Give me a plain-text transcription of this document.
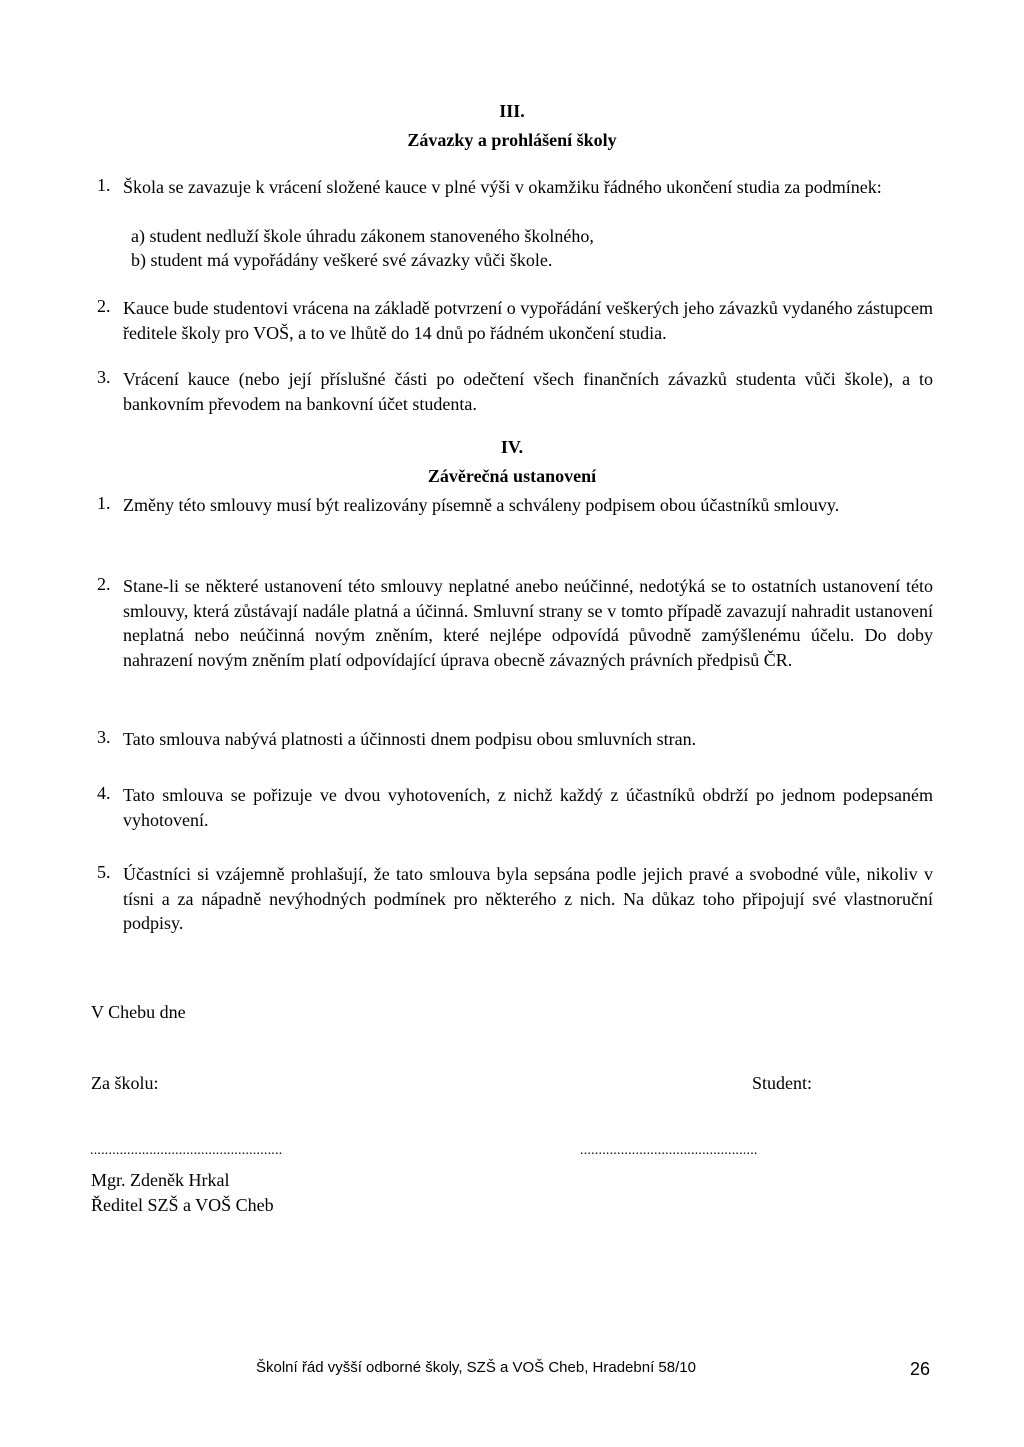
III.
Závazky a prohlášení školy
1. Škola se zavazuje k vrácení složené kauce v plné výši v okamžiku řádného ukončení studia za podmínek:
a) student nedluží škole úhradu zákonem stanoveného školného,
b) student má vypořádány veškeré své závazky vůči škole.
2. Kauce bude studentovi vrácena na základě potvrzení o vypořádání veškerých jeho závazků vydaného zástupcem ředitele školy pro VOŠ, a to ve lhůtě do 14 dnů po řádném ukončení studia.
3. Vrácení kauce (nebo její příslušné části po odečtení všech finančních závazků studenta vůči škole), a to bankovním převodem na bankovní účet studenta.
IV.
Závěrečná ustanovení
1. Změny této smlouvy musí být realizovány písemně a schváleny podpisem obou účastníků smlouvy.
2. Stane-li se některé ustanovení této smlouvy neplatné anebo neúčinné, nedotýká se to ostatních ustanovení této smlouvy, která zůstávají nadále platná a účinná. Smluvní strany se v tomto případě zavazují nahradit ustanovení neplatná nebo neúčinná novým zněním, které nejlépe odpovídá původně zamýšlenému účelu. Do doby nahrazení novým zněním platí odpovídající úprava obecně závazných právních předpisů ČR.
3. Tato smlouva nabývá platnosti a účinnosti dnem podpisu obou smluvních stran.
4. Tato smlouva se pořizuje ve dvou vyhotoveních, z nichž každý z účastníků obdrží po jednom podepsaném vyhotovení.
5. Účastníci si vzájemně prohlašují, že tato smlouva byla sepsána podle jejich pravé a svobodné vůle, nikoliv v tísni a za nápadně nevýhodných podmínek pro některého z nich. Na důkaz toho připojují své vlastnoruční podpisy.
V Chebu dne
Za školu:	Student:
....................................................	................................................
Mgr. Zdeněk Hrkal
Ředitel SZŠ a VOŠ Cheb
Školní řád vyšší odborné školy, SZŠ a VOŠ Cheb, Hradební 58/10	26
